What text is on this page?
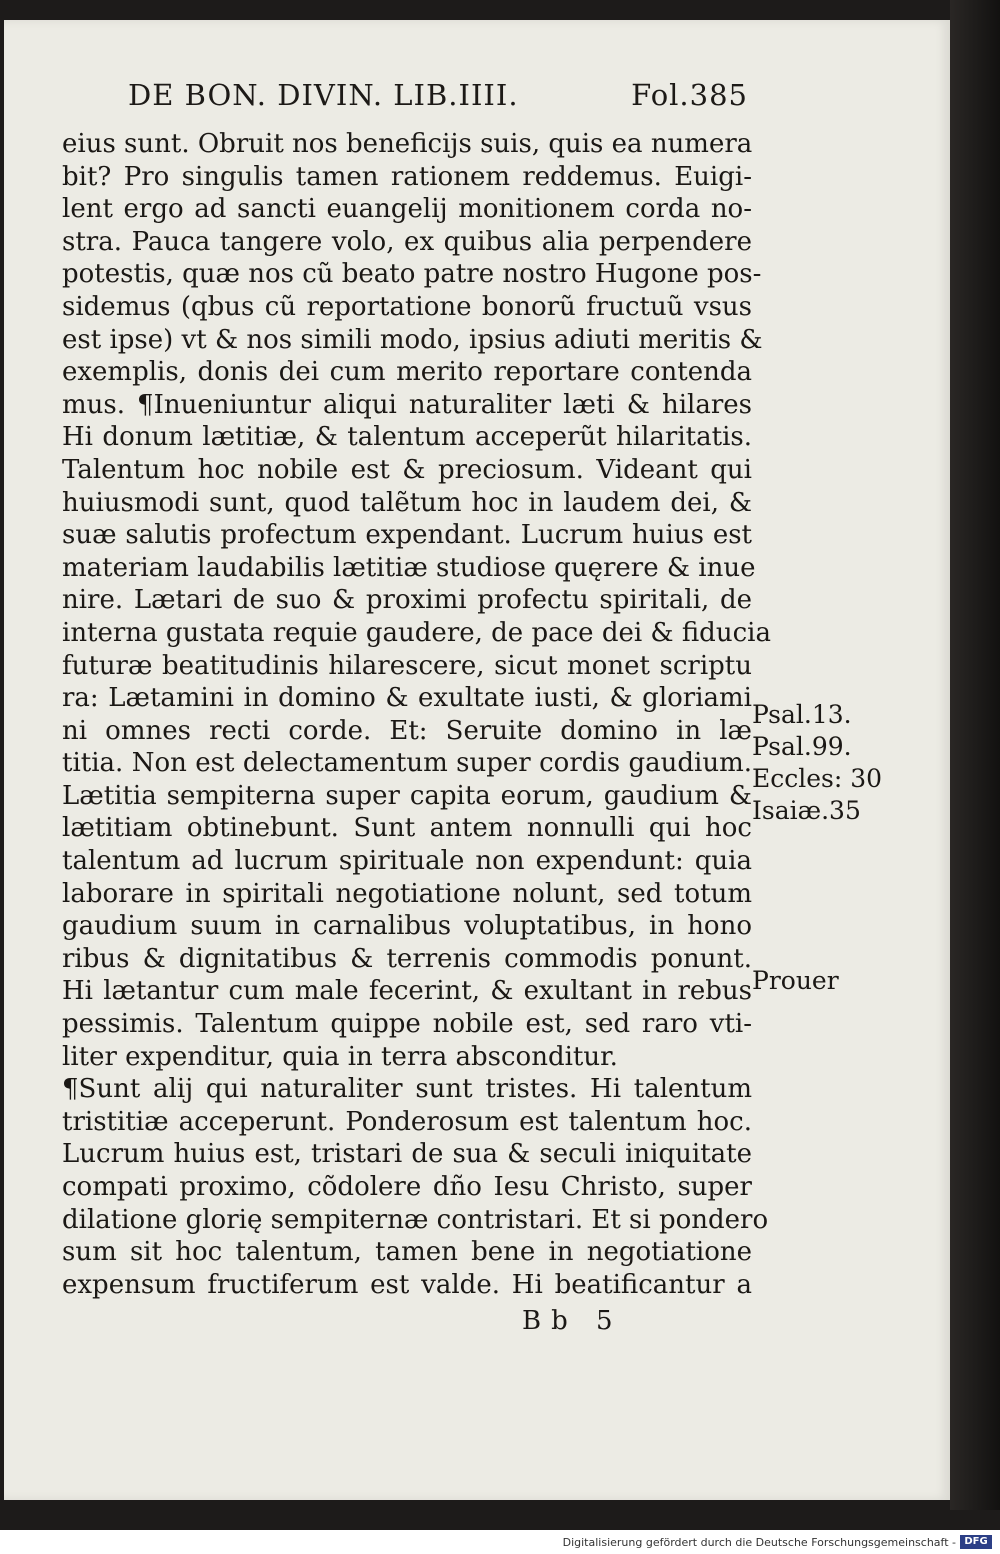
DE BON. DIVIN. LIB.IIII.	Fol.385
eius sunt. Obruit nos beneficijs suis, quis ea numera
bit? Pro singulis tamen rationem reddemus. Euigi-
lent ergo ad sancti euangelij monitionem corda no-
stra. Pauca tangere volo, ex quibus alia perpendere
potestis, quæ nos cũ beato patre nostro Hugone pos-
sidemus (qbus cũ reportatione bonorũ fructuũ vsus
est ipse) vt & nos simili modo, ipsius adiuti meritis &
exemplis, donis dei cum merito reportare contenda
mus. ¶Inueniuntur aliqui naturaliter læti & hilares
Hi donum lætitiæ, & talentum acceperũt hilaritatis.
Talentum hoc nobile est & preciosum. Videant qui
huiusmodi sunt, quod talẽtum hoc in laudem dei, &
suæ salutis profectum expendant. Lucrum huius est
materiam laudabilis lætitiæ studiose quęrere & inue
nire. Lætari de suo & proximi profectu spiritali, de
interna gustata requie gaudere, de pace dei & fiducia
futuræ beatitudinis hilarescere, sicut monet scriptu
ra: Lætamini in domino & exultate iusti, & gloriami
ni omnes recti corde. Et: Seruite domino in læ
titia. Non est delectamentum super cordis gaudium.
Lætitia sempiterna super capita eorum, gaudium &
lætitiam obtinebunt. Sunt antem nonnulli qui hoc
talentum ad lucrum spirituale non expendunt: quia
laborare in spiritali negotiatione nolunt, sed totum
gaudium suum in carnalibus voluptatibus, in hono
ribus & dignitatibus & terrenis commodis ponunt.
Hi lætantur cum male fecerint, & exultant in rebus
pessimis. Talentum quippe nobile est, sed raro vti-
liter expenditur, quia in terra absconditur.
¶Sunt alij qui naturaliter sunt tristes. Hi talentum
tristitiæ acceperunt. Ponderosum est talentum hoc.
Lucrum huius est, tristari de sua & seculi iniquitate
compati proximo, cõdolere dño Iesu Christo, super
dilatione glorię sempiternæ contristari. Et si pondero
sum sit hoc talentum, tamen bene in negotiatione
expensum fructiferum est valde. Hi beatificantur a
Psal.13.
Psal.99.
Eccles: 30
Isaiæ.35
Prouer
Bb 5
Digitalisierung gefördert durch die Deutsche Forschungsgemeinschaft - DFG
